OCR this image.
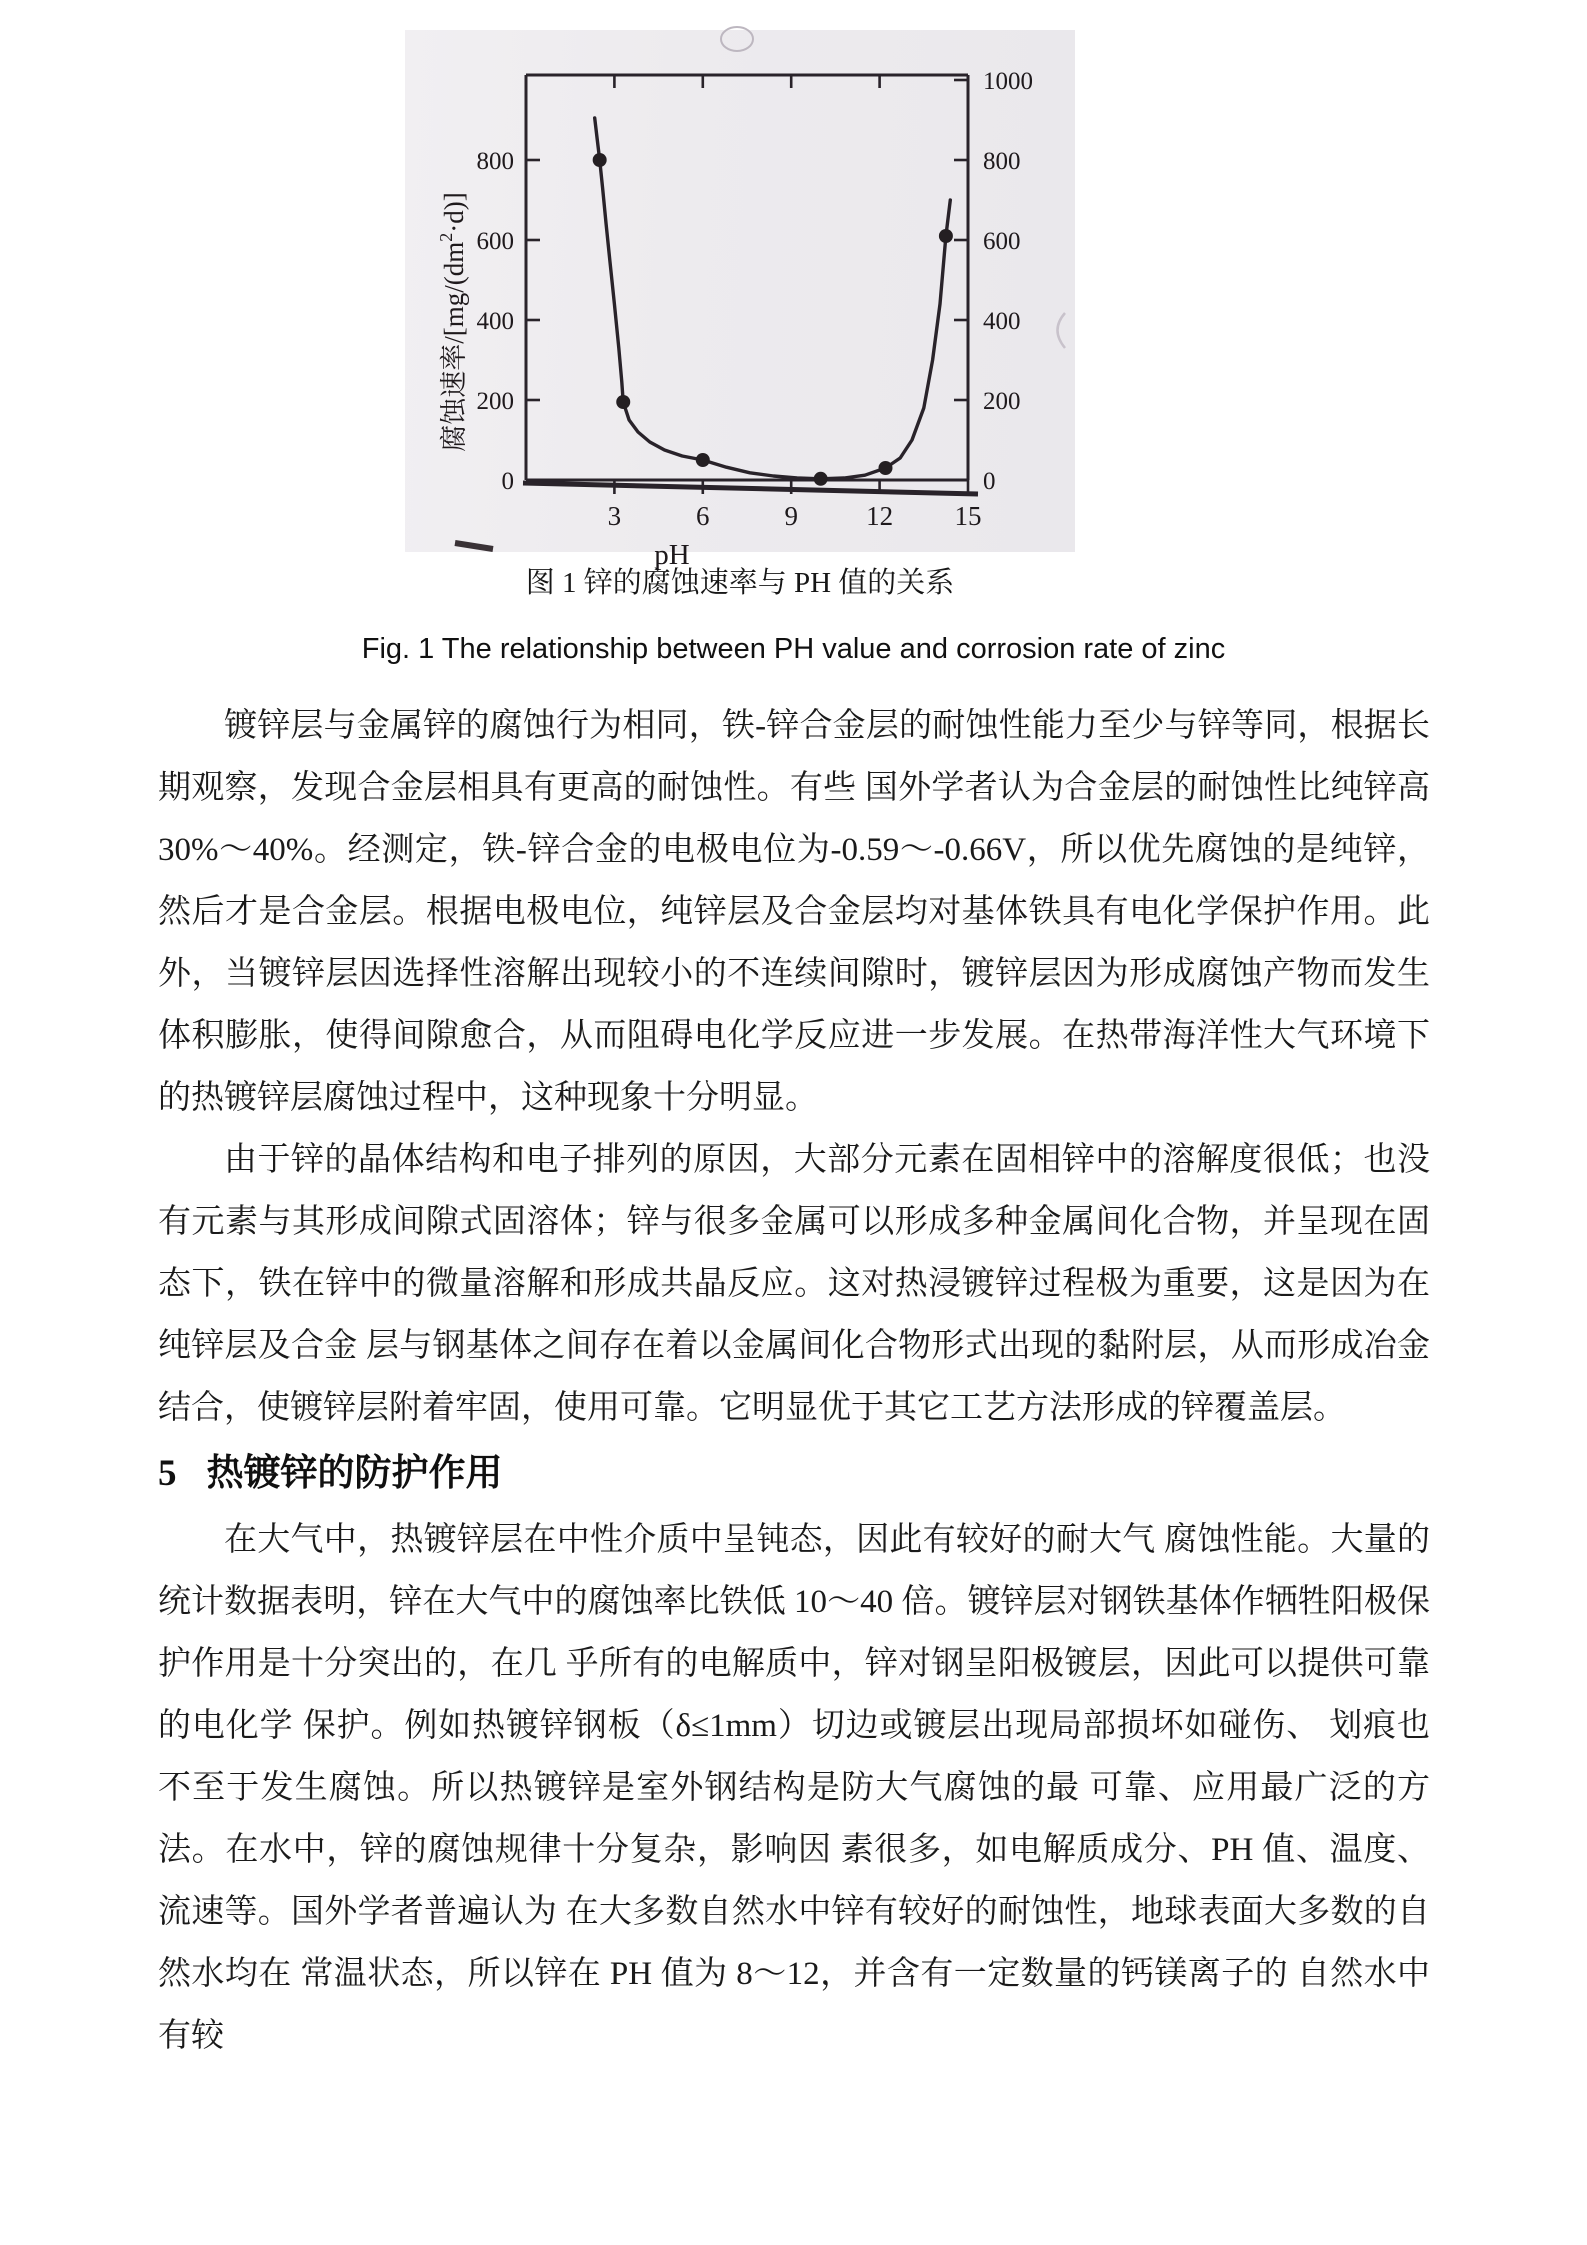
3	6	9	12 15
800
600
400
200
0
1000
800
600
400
200
0
pH
腐蚀速率$/[mg/(dm^2\cdot d)]$
图 1 锌的腐蚀速率与 PH 值的关系
Fig. 1 The relationship between PH value and corrosion rate of zinc

镀锌层与金属锌的腐蚀行为相同，铁-锌合金层的耐蚀性能力至少与锌等同，根据长期观察，发现合金层相具有更高的耐蚀性。有些 国外学者认为合金层的耐蚀性比纯锌高 30%～40%。经测定，铁-锌合金的电极电位为-0.59～-0.66V，所以优先腐蚀的是纯锌，然后才是合金层。根据电极电位，纯锌层及合金层均对基体铁具有电化学保护作用。此外，当镀锌层因选择性溶解出现较小的不连续间隙时，镀锌层因为形成腐蚀产物而发生体积膨胀，使得间隙愈合，从而阻碍电化学反应进一步发展。在热带海洋性大气环境下的热镀锌层腐蚀过程中，这种现象十分明显。

由于锌的晶体结构和电子排列的原因，大部分元素在固相锌中的溶解度很低；也没有元素与其形成间隙式固溶体；锌与很多金属可以形成多种金属间化合物，并呈现在固态下，铁在锌中的微量溶解和形成共晶反应。这对热浸镀锌过程极为重要，这是因为在纯锌层及合金 层与钢基体之间存在着以金属间化合物形式出现的黏附层，从而形成冶金结合，使镀锌层附着牢固，使用可靠。它明显优于其它工艺方法形成的锌覆盖层。

5 热镀锌的防护作用

在大气中，热镀锌层在中性介质中呈钝态，因此有较好的耐大气 腐蚀性能。大量的统计数据表明，锌在大气中的腐蚀率比铁低 10～40 倍。镀锌层对钢铁基体作牺牲阳极保护作用是十分突出的，在几 乎所有的电解质中，锌对钢呈阳极镀层，因此可以提供可靠的电化学 保护。例如热镀锌钢板（δ≤1mm）切边或镀层出现局部损坏如碰伤、 划痕也不至于发生腐蚀。所以热镀锌是室外钢结构是防大气腐蚀的最 可靠、应用最广泛的方法。在水中，锌的腐蚀规律十分复杂，影响因 素很多，如电解质成分、PH 值、温度、流速等。国外学者普遍认为 在大多数自然水中锌有较好的耐蚀性，地球表面大多数的自然水均在 常温状态，所以锌在 PH 值为 8～12，并含有一定数量的钙镁离子的 自然水中有较
